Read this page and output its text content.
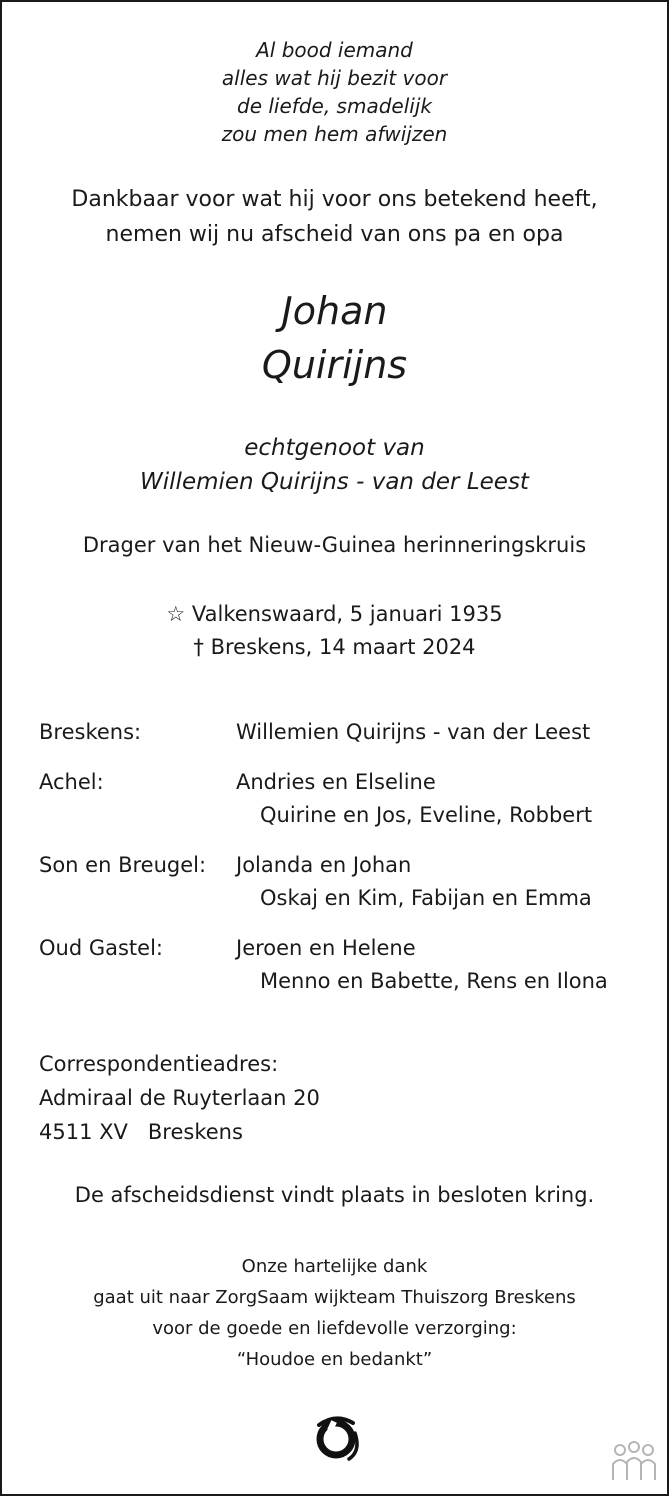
Al bood iemand
alles wat hij bezit voor
de liefde, smadelijk
zou men hem afwijzen
Dankbaar voor wat hij voor ons betekend heeft,
nemen wij nu afscheid van ons pa en opa
Johan
Quirijns
echtgenoot van
Willemien Quirijns - van der Leest
Drager van het Nieuw-Guinea herinneringskruis
☆ Valkenswaard, 5 januari 1935
† Breskens, 14 maart 2024
Breskens:	Willemien Quirijns - van der Leest
Achel:	Andries en Elseline
Quirine en Jos, Eveline, Robbert
Son en Breugel: Jolanda en Johan
Oskaj en Kim, Fabijan en Emma
Oud Gastel:	Jeroen en Helene
Menno en Babette, Rens en Ilona
Correspondentieadres:
Admiraal de Ruyterlaan 20
4511 XV   Breskens
De afscheidsdienst vindt plaats in besloten kring.
Onze hartelijke dank
gaat uit naar ZorgSaam wijkteam Thuiszorg Breskens
voor de goede en liefdevolle verzorging:
“Houdoe en bedankt”
